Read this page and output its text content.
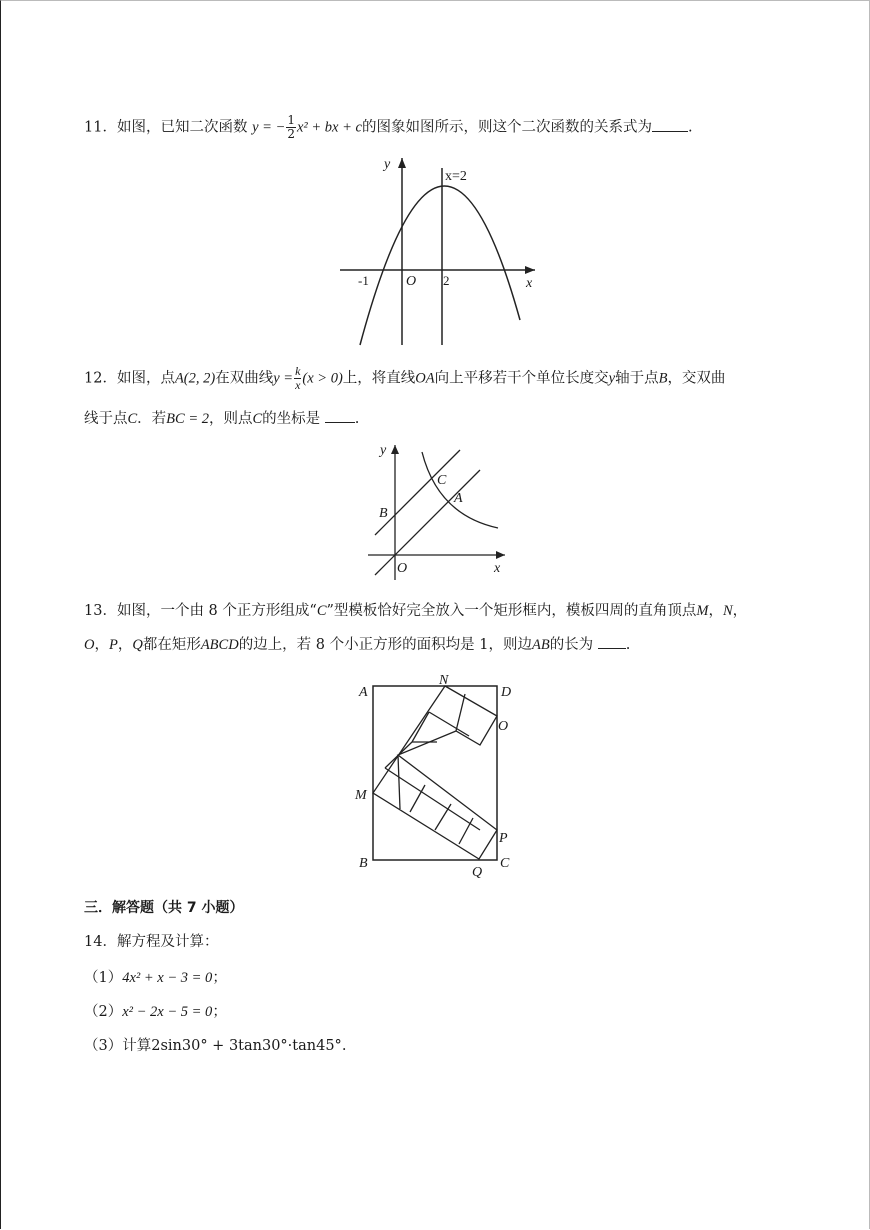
11．如图，已知二次函数 y = − $\frac{1}{2} x^2$ + bx + c的图象如图所示，则这个二次函数的关系式为 .
y
x
O
-1	2
x=2
12．如图，点A(2, 2)在双曲线$y = \frac{k}{x} (x > 0)$上，将直线OA向上平移若干个单位长度交y轴于点B，交双曲
线于点C．若BC = 2，则点C的坐标是 .
y
x
O
B
C
A
13．如图，一个由 8 个正方形组成“C”型模板恰好完全放入一个矩形框内，模板四周的直角顶点M，N，
O，P，Q都在矩形ABCD的边上，若 8 个小正方形的面积均是 1，则边AB的长为 .
A
N
D
O
M
P
B
Q
C
三．解答题（共 7 小题）
14．解方程及计算：
（1）4x² + x − 3 = 0；
（2）x² − 2x − 5 = 0；
（3）计算2sin30° + 3tan30°·tan45°.
